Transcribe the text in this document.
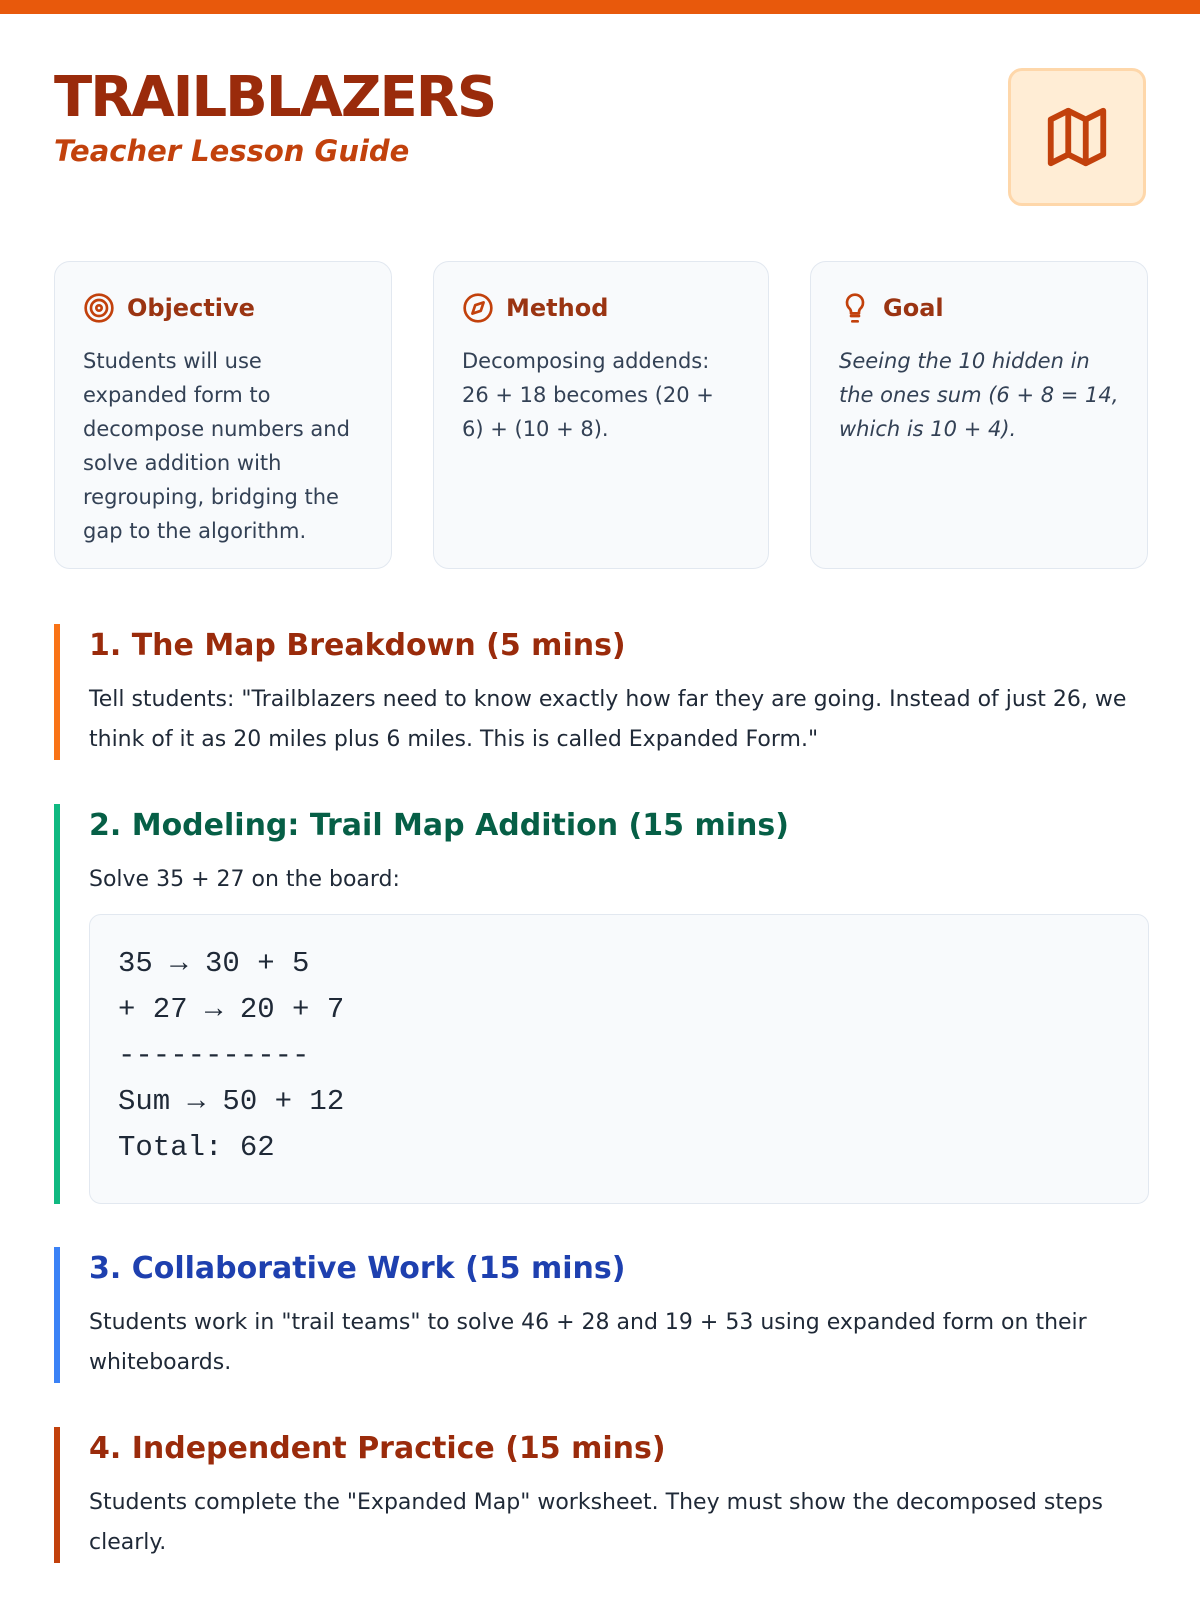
TRAILBLAZERS
Teacher Lesson Guide
Objective
Students will use expanded form to decompose numbers and solve addition with regrouping, bridging the gap to the algorithm.
Method
Decomposing addends: 26 + 18 becomes (20 + 6) + (10 + 8).
Goal
Seeing the 10 hidden in the ones sum (6 + 8 = 14, which is 10 + 4).
1. The Map Breakdown (5 mins)
Tell students: "Trailblazers need to know exactly how far they are going. Instead of just 26, we think of it as 20 miles plus 6 miles. This is called Expanded Form."
2. Modeling: Trail Map Addition (15 mins)
Solve 35 + 27 on the board:
35 → 30 + 5
+ 27 → 20 + 7
-----------
Sum → 50 + 12
Total: 62
3. Collaborative Work (15 mins)
Students work in "trail teams" to solve 46 + 28 and 19 + 53 using expanded form on their whiteboards.
4. Independent Practice (15 mins)
Students complete the "Expanded Map" worksheet. They must show the decomposed steps clearly.
